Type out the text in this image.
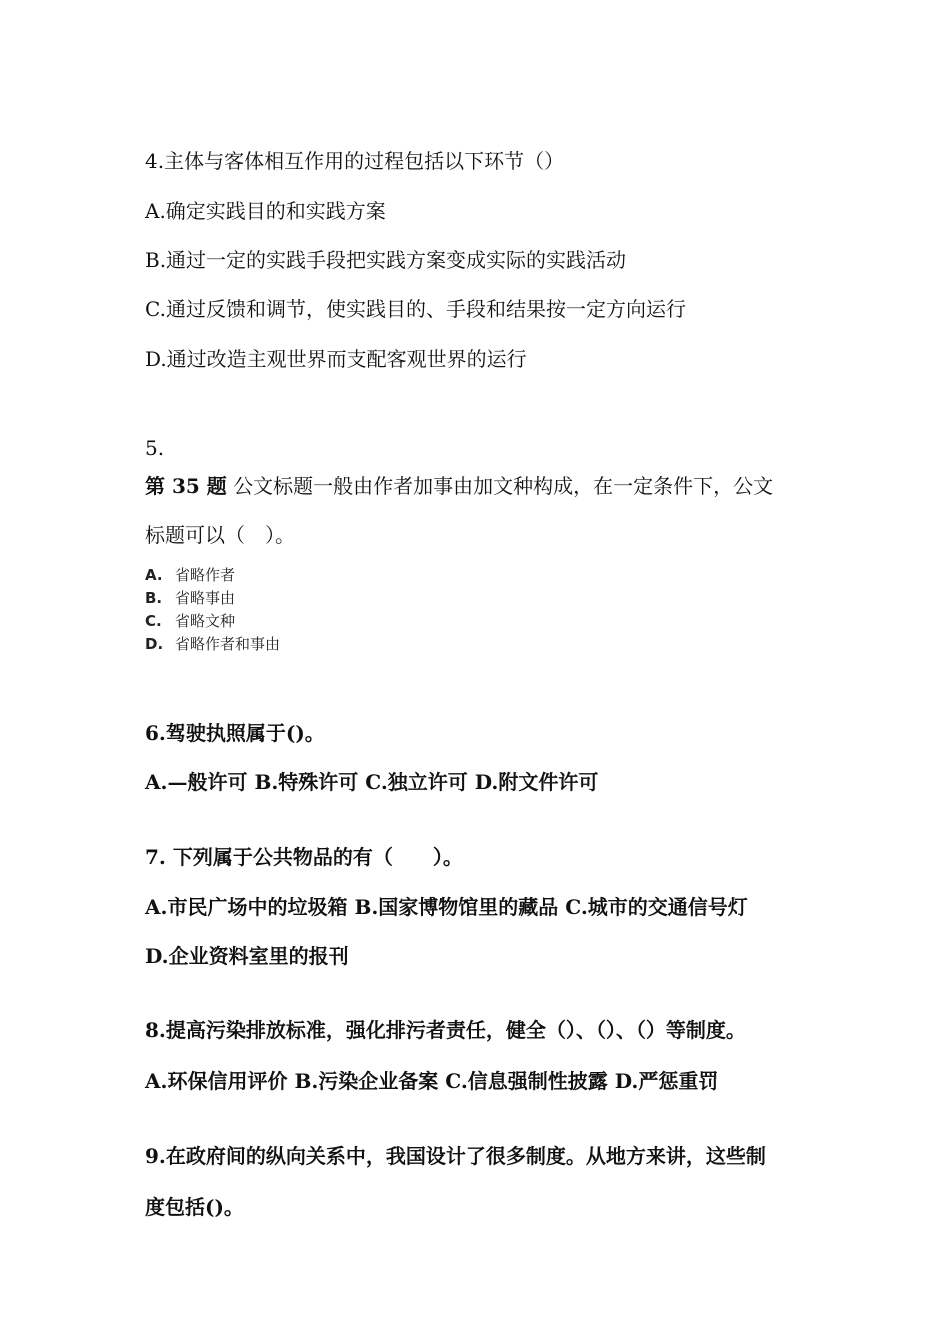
4.主体与客体相互作用的过程包括以下环节（）
A.确定实践目的和实践方案
B.通过一定的实践手段把实践方案变成实际的实践活动
C.通过反馈和调节，使实践目的、手段和结果按一定方向运行
D.通过改造主观世界而支配客观世界的运行
5.
第 35 题 公文标题一般由作者加事由加文种构成，在一定条件下，公文
标题可以（　）。
A. 省略作者
B. 省略事由
C. 省略文种
D. 省略作者和事由
6.驾驶执照属于()。
A.—般许可 B.特殊许可 C.独立许可 D.附文件许可
7. 下列属于公共物品的有（　　）。
A.市民广场中的垃圾箱 B.国家博物馆里的藏品 C.城市的交通信号灯
D.企业资料室里的报刊
8.提高污染排放标准，强化排污者责任，健全（）、（）、（）等制度。
A.环保信用评价 B.污染企业备案 C.信息强制性披露 D.严惩重罚
9.在政府间的纵向关系中，我国设计了很多制度。从地方来讲，这些制
度包括()。
